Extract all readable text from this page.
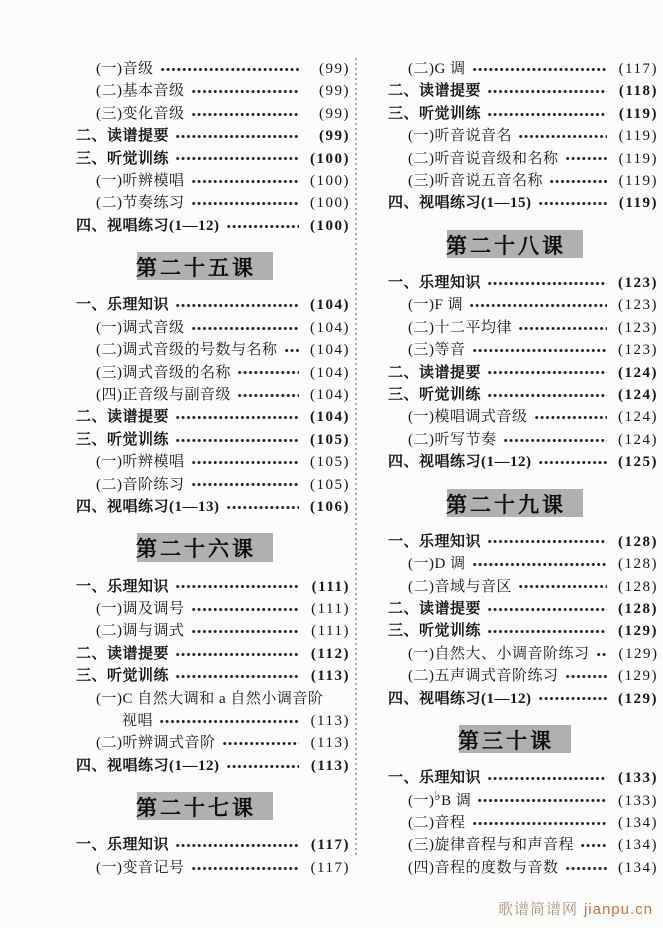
(一)音级	(99)
(二)基本音级	(99)
(三)变化音级	(99)
二、读谱提要	(99)
三、听觉训练	(100)
(一)听辨模唱	(100)
(二)节奏练习	(100)
四、视唱练习(1—12)	(100)
第二十五课
一、乐理知识	(104)
(一)调式音级	(104)
(二)调式音级的号数与名称	(104)
(三)调式音级的名称	(104)
(四)正音级与副音级	(104)
二、读谱提要	(104)
三、听觉训练	(105)
(一)听辨模唱	(105)
(二)音阶练习	(105)
四、视唱练习(1—13)	(106)
第二十六课
一、乐理知识	(111)
(一)调及调号	(111)
(二)调与调式	(111)
二、读谱提要	(112)
三、听觉训练	(113)
(一)C 自然大调和 a 自然小调音阶
视唱	(113)
(二)听辨调式音阶	(113)
四、视唱练习(1—12)	(113)
第二十七课
一、乐理知识	(117)
(一)变音记号	(117)
(二)G 调	(117)
二、读谱提要	(118)
三、听觉训练	(119)
(一)听音说音名	(119)
(二)听音说音级和名称	(119)
(三)听音说五音名称	(119)
四、视唱练习(1—15)	(119)
第二十八课
一、乐理知识	(123)
(一)F 调	(123)
(二)十二平均律	(123)
(三)等音	(123)
二、读谱提要	(124)
三、听觉训练	(124)
(一)模唱调式音级	(124)
(二)听写节奏	(124)
四、视唱练习(1—12)	(125)
第二十九课
一、乐理知识	(128)
(一)D 调	(128)
(二)音域与音区	(128)
二、读谱提要	(128)
三、听觉训练	(129)
(一)自然大、小调音阶练习	(129)
(二)五声调式音阶练习	(129)
四、视唱练习(1—12)	(129)
第三十课
一、乐理知识	(133)
(一)♭B 调	(133)
(二)音程	(134)
(三)旋律音程与和声音程	(134)
(四)音程的度数与音数	(134)
歌谱简谱网 jianpu.cn
